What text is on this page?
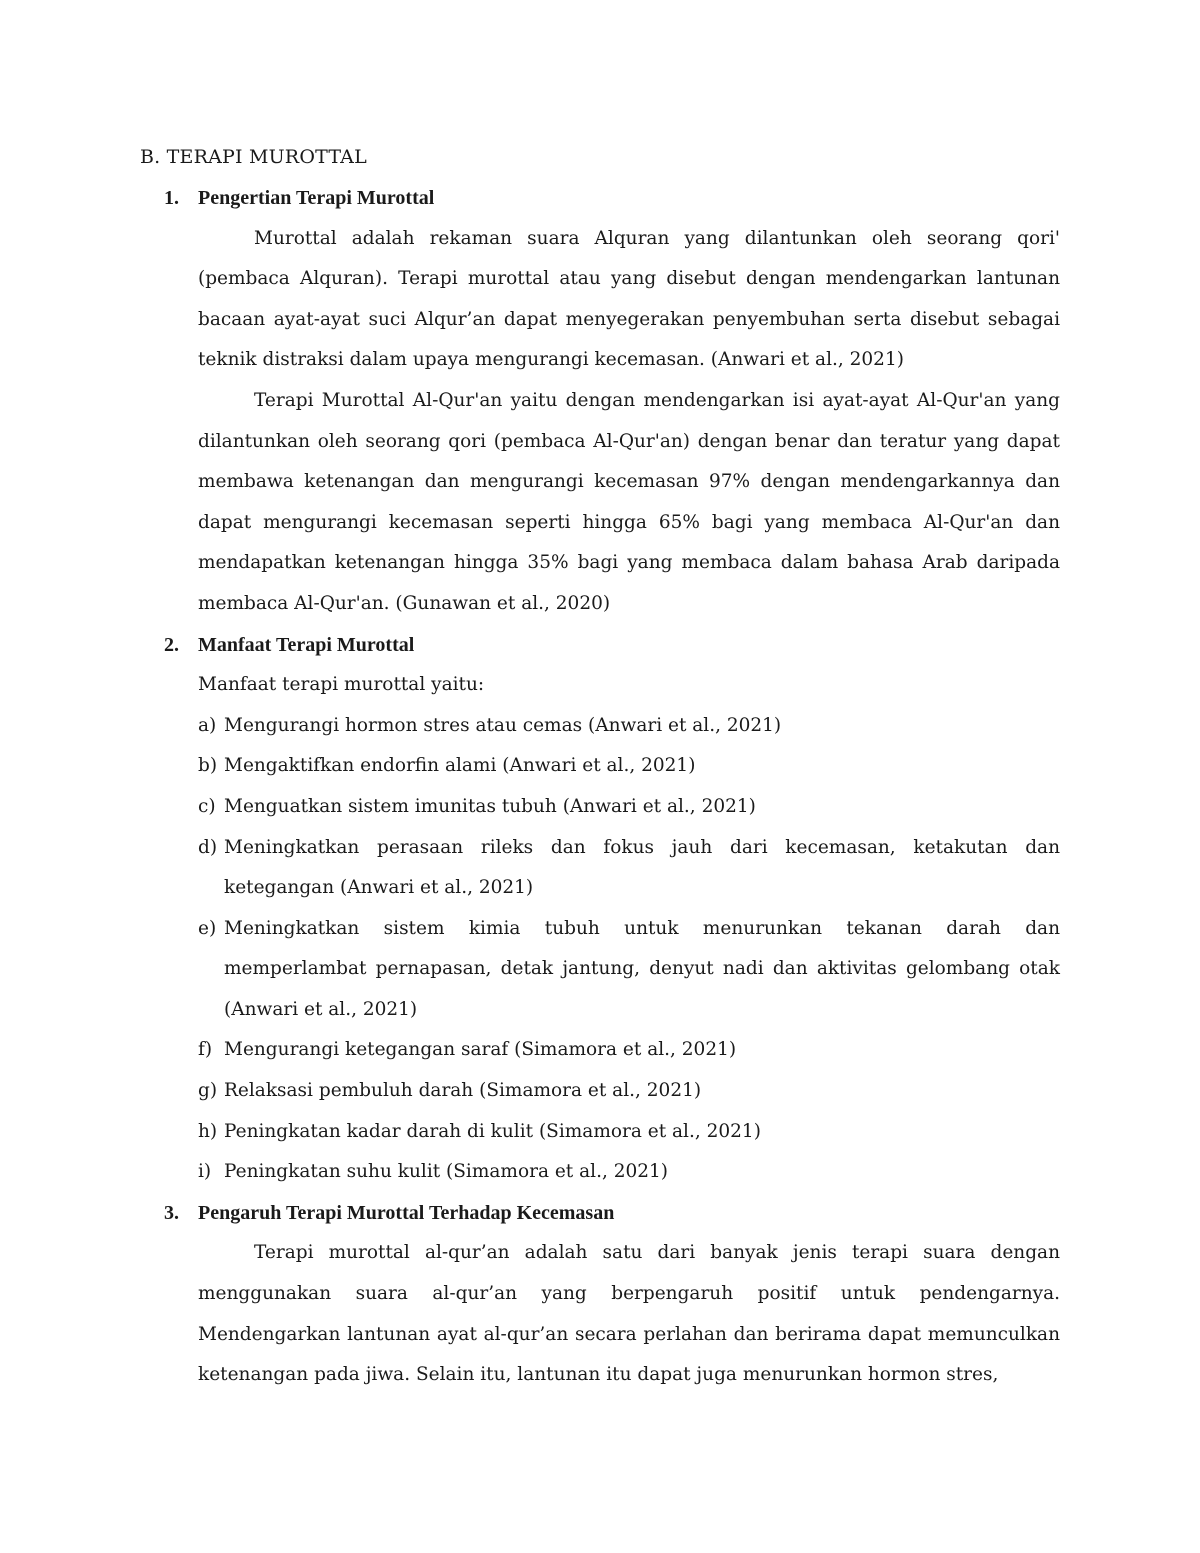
B. TERAPI MUROTTAL
1. Pengertian Terapi Murottal

Murottal adalah rekaman suara Alquran yang dilantunkan oleh seorang qori' (pembaca Alquran). Terapi murottal atau yang disebut dengan mendengarkan lantunan bacaan ayat-ayat suci Alqur’an dapat menyegerakan penyembuhan serta disebut sebagai teknik distraksi dalam upaya mengurangi kecemasan. (Anwari et al., 2021)

Terapi Murottal Al-Qur'an yaitu dengan mendengarkan isi ayat-ayat Al-Qur'an yang dilantunkan oleh seorang qori (pembaca Al-Qur'an) dengan benar dan teratur yang dapat membawa ketenangan dan mengurangi kecemasan 97% dengan mendengarkannya dan dapat mengurangi kecemasan seperti hingga 65% bagi yang membaca Al-Qur'an dan mendapatkan ketenangan hingga 35% bagi yang membaca dalam bahasa Arab daripada membaca Al-Qur'an. (Gunawan et al., 2020)

2. Manfaat Terapi Murottal

Manfaat terapi murottal yaitu:

a) Mengurangi hormon stres atau cemas (Anwari et al., 2021)
b) Mengaktifkan endorfin alami (Anwari et al., 2021)
c) Menguatkan sistem imunitas tubuh (Anwari et al., 2021)
d) Meningkatkan perasaan rileks dan fokus jauh dari kecemasan, ketakutan dan ketegangan (Anwari et al., 2021)
e) Meningkatkan sistem kimia tubuh untuk menurunkan tekanan darah dan memperlambat pernapasan, detak jantung, denyut nadi dan aktivitas gelombang otak (Anwari et al., 2021)
f) Mengurangi ketegangan saraf (Simamora et al., 2021)
g) Relaksasi pembuluh darah (Simamora et al., 2021)
h) Peningkatan kadar darah di kulit (Simamora et al., 2021)
i) Peningkatan suhu kulit (Simamora et al., 2021)
3. Pengaruh Terapi Murottal Terhadap Kecemasan

Terapi murottal al-qur’an adalah satu dari banyak jenis terapi suara dengan menggunakan suara al-qur’an yang berpengaruh positif untuk pendengarnya. Mendengarkan lantunan ayat al-qur’an secara perlahan dan berirama dapat memunculkan ketenangan pada jiwa. Selain itu, lantunan itu dapat juga menurunkan hormon stres,
